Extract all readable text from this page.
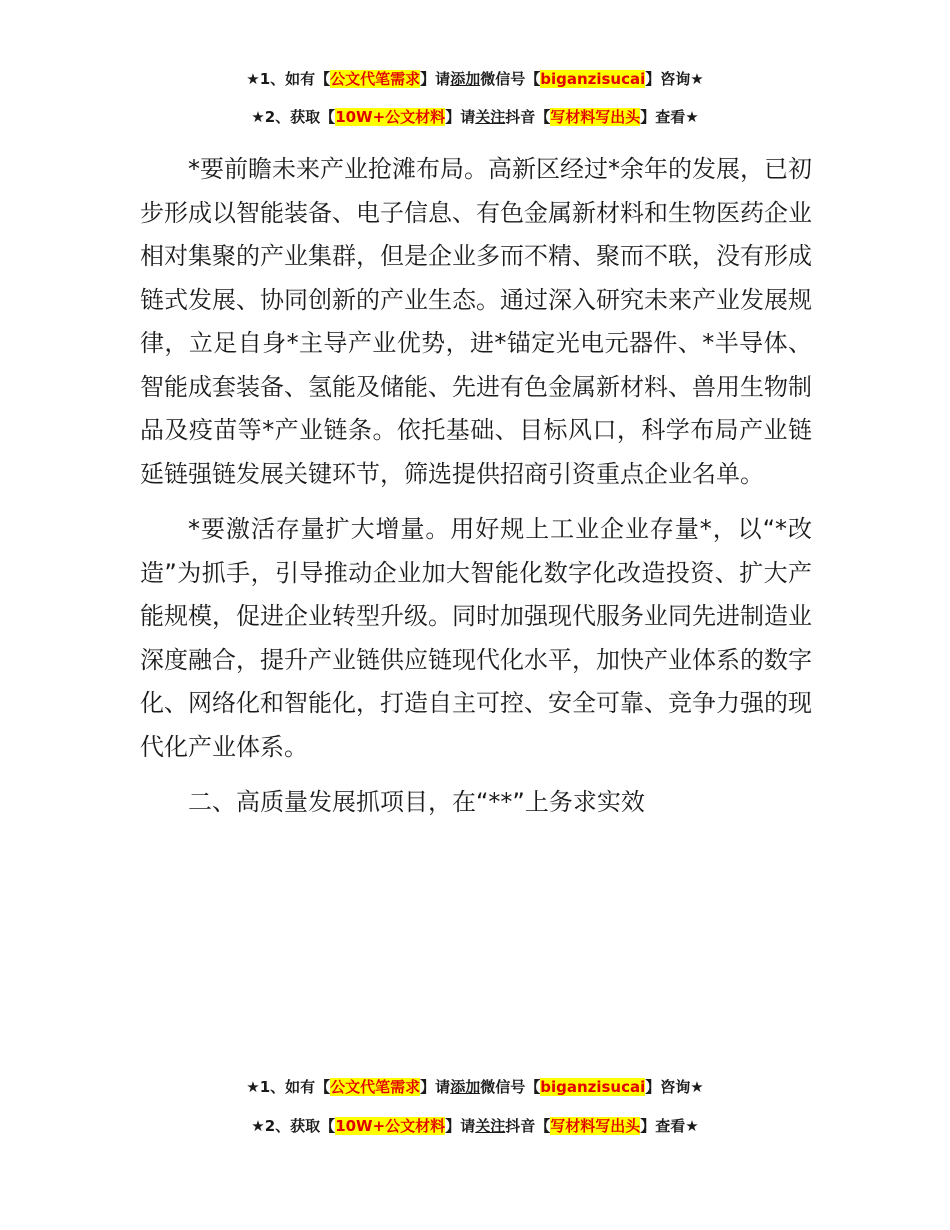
★1、如有【公文代笔需求】请添加微信号【biganzisucai】咨询★
★2、获取【10W+公文材料】请关注抖音【写材料写出头】查看★

*要前瞻未来产业抢滩布局。高新区经过*余年的发展，已初步形成以智能装备、电子信息、有色金属新材料和生物医药企业相对集聚的产业集群，但是企业多而不精、聚而不联，没有形成链式发展、协同创新的产业生态。通过深入研究未来产业发展规律，立足自身*主导产业优势，进*锚定光电元器件、*半导体、智能成套装备、氢能及储能、先进有色金属新材料、兽用生物制品及疫苗等*产业链条。依托基础、目标风口，科学布局产业链延链强链发展关键环节，筛选提供招商引资重点企业名单。

*要激活存量扩大增量。用好规上工业企业存量*，以“*改造”为抓手，引导推动企业加大智能化数字化改造投资、扩大产能规模，促进企业转型升级。同时加强现代服务业同先进制造业深度融合，提升产业链供应链现代化水平，加快产业体系的数字化、网络化和智能化，打造自主可控、安全可靠、竞争力强的现代化产业体系。

二、高质量发展抓项目，在“**”上务求实效

★1、如有【公文代笔需求】请添加微信号【biganzisucai】咨询★
★2、获取【10W+公文材料】请关注抖音【写材料写出头】查看★
